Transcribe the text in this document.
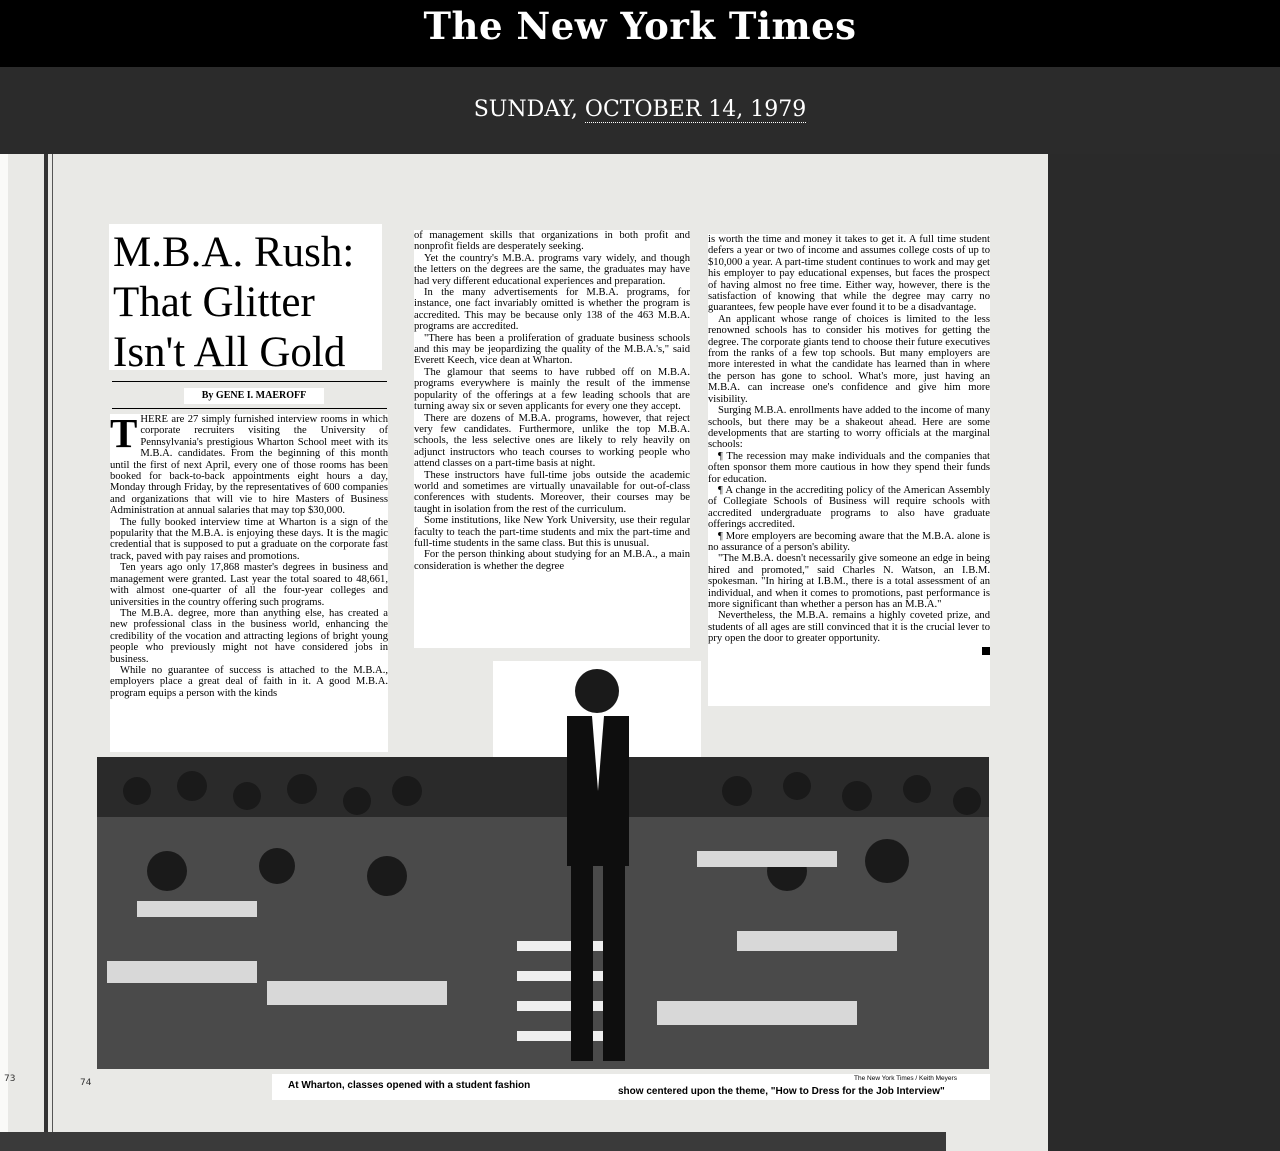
The New York Times
SUNDAY, OCTOBER 14, 1979
73	74
M.B.A. Rush:
That Glitter
Isn't All Gold
By GENE I. MAEROFF
T HERE are 27 simply furnished interview rooms in which corporate recruiters visiting the University of Pennsylvania's prestigious Wharton School meet with its M.B.A. candidates. From the beginning of this month until the first of next April, every one of those rooms has been booked for back-to-back appointments eight hours a day, Monday through Friday, by the representatives of 600 companies and organizations that will vie to hire Masters of Business Administration at annual salaries that may top $30,000.

The fully booked interview time at Wharton is a sign of the popularity that the M.B.A. is enjoying these days. It is the magic credential that is supposed to put a graduate on the corporate fast track, paved with pay raises and promotions.

Ten years ago only 17,868 master's degrees in business and management were granted. Last year the total soared to 48,661, with almost one-quarter of all the four-year colleges and universities in the country offering such programs.

The M.B.A. degree, more than anything else, has created a new professional class in the business world, enhancing the credibility of the vocation and attracting legions of bright young people who previously might not have considered jobs in business.

While no guarantee of success is attached to the M.B.A., employers place a great deal of faith in it. A good M.B.A. program equips a person with the kinds

of management skills that organizations in both profit and nonprofit fields are desperately seeking.

Yet the country's M.B.A. programs vary widely, and though the letters on the degrees are the same, the graduates may have had very different educational experiences and preparation.

In the many advertisements for M.B.A. programs, for instance, one fact invariably omitted is whether the program is accredited. This may be because only 138 of the 463 M.B.A. programs are accredited.

"There has been a proliferation of graduate business schools and this may be jeopardizing the quality of the M.B.A.'s," said Everett Keech, vice dean at Wharton.

The glamour that seems to have rubbed off on M.B.A. programs everywhere is mainly the result of the immense popularity of the offerings at a few leading schools that are turning away six or seven applicants for every one they accept.

There are dozens of M.B.A. programs, however, that reject very few candidates. Furthermore, unlike the top M.B.A. schools, the less selective ones are likely to rely heavily on adjunct instructors who teach courses to working people who attend classes on a part-time basis at night.

These instructors have full-time jobs outside the academic world and sometimes are virtually unavailable for out-of-class conferences with students. Moreover, their courses may be taught in isolation from the rest of the curriculum.

Some institutions, like New York University, use their regular faculty to teach the part-time students and mix the part-time and full-time students in the same class. But this is unusual.

For the person thinking about studying for an M.B.A., a main consideration is whether the degree

is worth the time and money it takes to get it. A full time student defers a year or two of income and assumes college costs of up to $10,000 a year. A part-time student continues to work and may get his employer to pay educational expenses, but faces the prospect of having almost no free time. Either way, however, there is the satisfaction of knowing that while the degree may carry no guarantees, few people have ever found it to be a disadvantage.

An applicant whose range of choices is limited to the less renowned schools has to consider his motives for getting the degree. The corporate giants tend to choose their future executives from the ranks of a few top schools. But many employers are more interested in what the candidate has learned than in where the person has gone to school. What's more, just having an M.B.A. can increase one's confidence and give him more visibility.

Surging M.B.A. enrollments have added to the income of many schools, but there may be a shakeout ahead. Here are some developments that are starting to worry officials at the marginal schools:

¶ The recession may make individuals and the companies that often sponsor them more cautious in how they spend their funds for education.

¶ A change in the accrediting policy of the American Assembly of Collegiate Schools of Business will require schools with accredited undergraduate programs to also have graduate offerings accredited.

¶ More employers are becoming aware that the M.B.A. alone is no assurance of a person's ability.

"The M.B.A. doesn't necessarily give someone an edge in being hired and promoted," said Charles N. Watson, an I.B.M. spokesman. "In hiring at I.B.M., there is a total assessment of an individual, and when it comes to promotions, past performance is more significant than whether a person has an M.B.A."

Nevertheless, the M.B.A. remains a highly coveted prize, and students of all ages are still convinced that it is the crucial lever to pry open the door to greater opportunity.

The New York Times / Keith Meyers
At Wharton, classes opened with a student fashion
show centered upon the theme, "How to Dress for the Job Interview"
